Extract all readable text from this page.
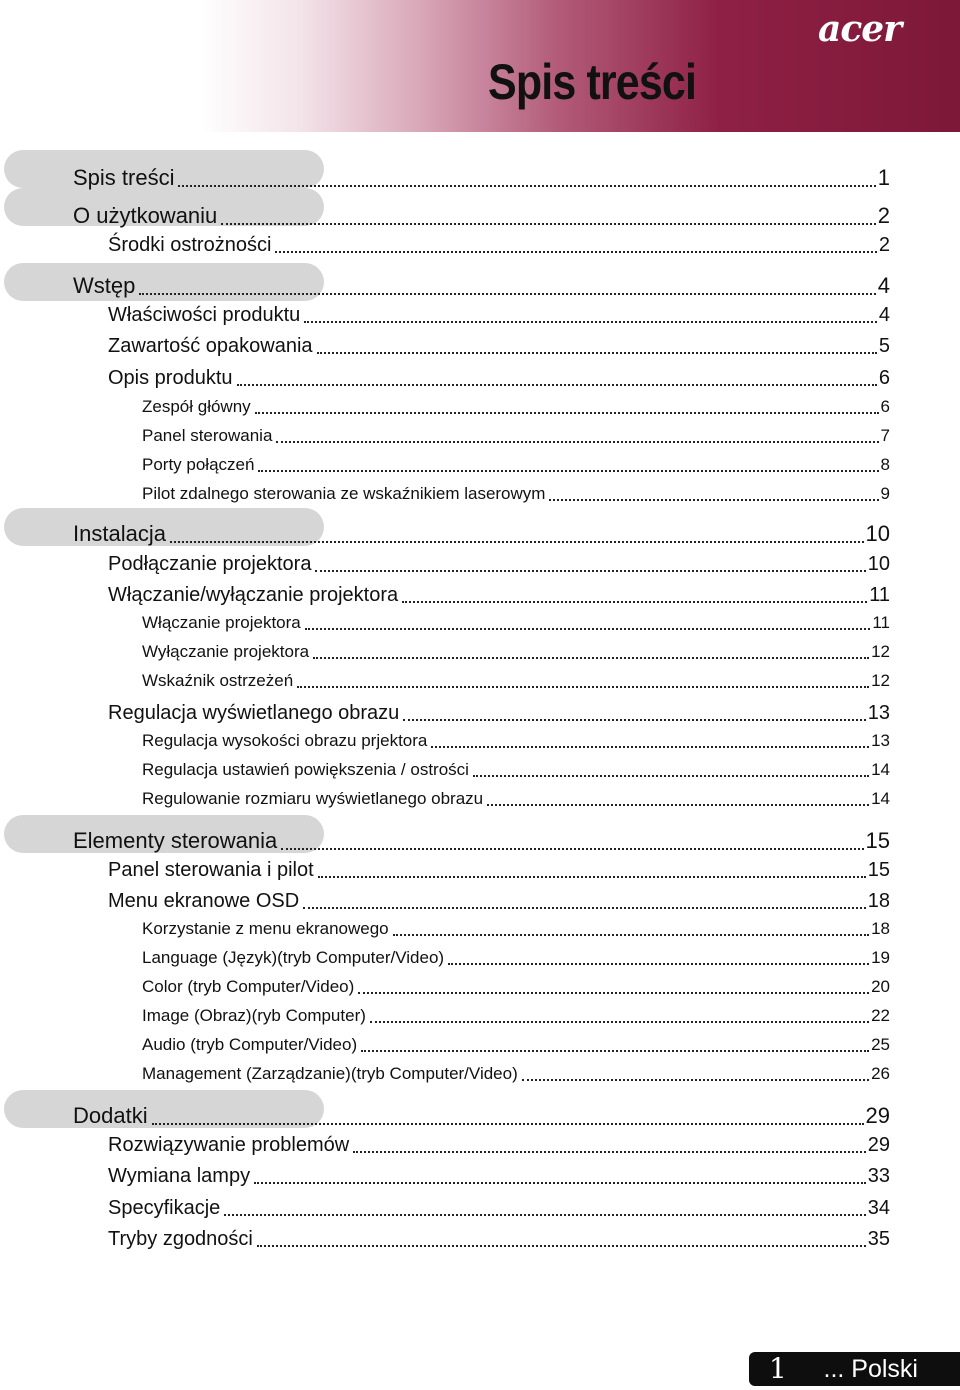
acer
Spis treści
Spis treści	1
O użytkowaniu	2
Środki ostrożności	2
Wstęp	4
Właściwości produktu	4
Zawartość opakowania	5
Opis produktu	6
Zespół główny	6
Panel sterowania	7
Porty połączeń	8
Pilot zdalnego sterowania ze wskaźnikiem laserowym	9
Instalacja	10
Podłączanie projektora	10
Włączanie/wyłączanie projektora	11
Włączanie projektora	11
Wyłączanie projektora	12
Wskaźnik ostrzeżeń	12
Regulacja wyświetlanego obrazu	13
Regulacja wysokości obrazu prjektora	13
Regulacja ustawień powiększenia / ostrości	14
Regulowanie rozmiaru wyświetlanego obrazu	14
Elementy sterowania	15
Panel sterowania i pilot	15
Menu ekranowe OSD	18
Korzystanie z menu ekranowego	18
Language (Język)(tryb Computer/Video)	19
Color (tryb Computer/Video)	20
Image (Obraz)(ryb Computer)	22
Audio (tryb Computer/Video)	25
Management (Zarządzanie)(tryb Computer/Video)	26
Dodatki	29
Rozwiązywanie problemów	29
Wymiana lampy	33
Specyfikacje	34
Tryby zgodności	35
1 ... Polski
